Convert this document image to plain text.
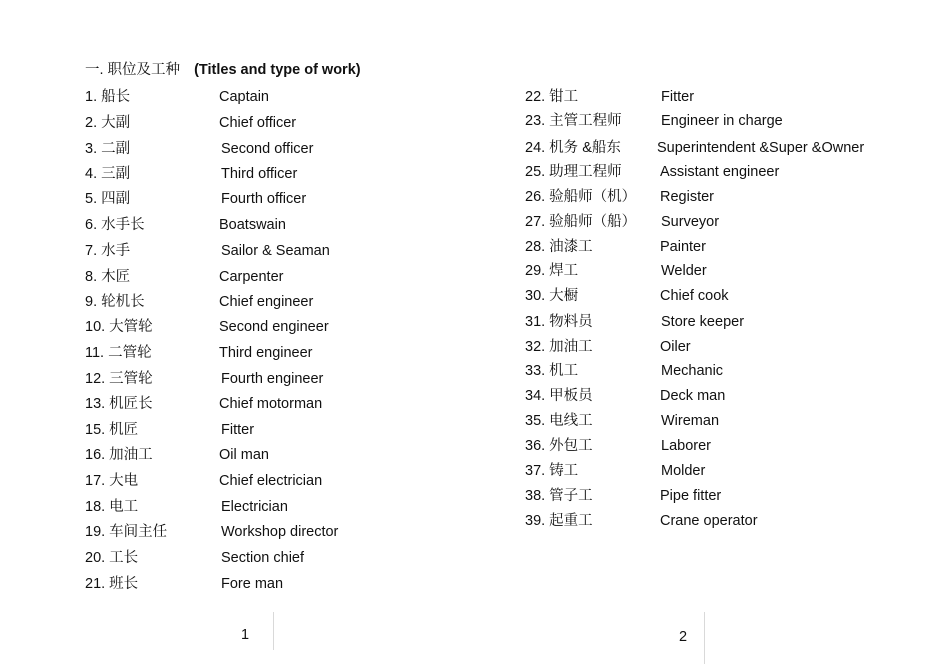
一. 职位及工种 (Titles and type of work)
1. 船长	Captain
2. 大副	Chief officer
3. 二副	Second officer
4. 三副	Third officer
5. 四副	Fourth officer
6. 水手长	Boatswain
7. 水手	Sailor & Seaman
8. 木匠	Carpenter
9. 轮机长	Chief engineer
10. 大管轮	Second engineer
11. 二管轮	Third engineer
12. 三管轮	Fourth engineer
13. 机匠长	Chief motorman
15. 机匠	Fitter
16. 加油工	Oil man
17. 大电	Chief electrician
18. 电工	Electrician
19. 车间主任	Workshop director
20. 工长	Section chief
21. 班长	Fore man
22. 钳工	Fitter
23. 主管工程师	Engineer in charge
24. 机务 &船东 Superintendent &Super &Owner
25. 助理工程师	Assistant engineer
26. 验船师（机） Register
27. 验船师（船） Surveyor
28. 油漆工	Painter
29. 焊工	Welder
30. 大橱	Chief cook
31. 物料员	Store keeper
32. 加油工	Oiler
33. 机工	Mechanic
34. 甲板员	Deck man
35. 电线工	Wireman
36. 外包工	Laborer
37. 铸工	Molder
38. 管子工	Pipe fitter
39. 起重工	Crane operator
1	2
